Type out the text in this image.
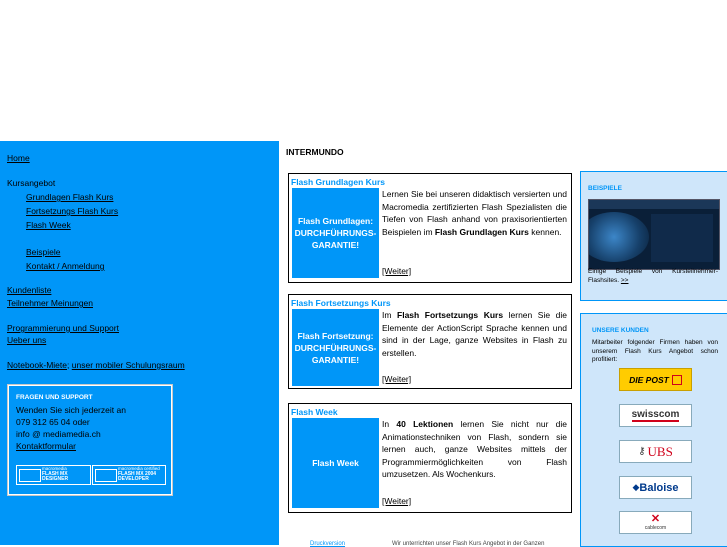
Home
Kursangebot
Grundlagen Flash Kurs
Fortsetzungs Flash Kurs
Flash Week
Beispiele
Kontakt / Anmeldung
Kundenliste
Teilnehmer Meinungen
Programmierung und Support
Ueber uns
Notebook-Miete; unser mobiler Schulungsraum
FRAGEN UND SUPPORT
Wenden Sie sich jederzeit an
079 312 65 04 oder
info @ mediamedia.ch
Kontaktformular
macromedia
FLASH MX
DESIGNER
macromedia certified
FLASH MX 2004
DEVELOPER
INTERMUNDO
Flash Grundlagen Kurs
Flash Grundlagen: DURCHFÜHRUNGS-GARANTIE!
Lernen Sie bei unseren didaktisch versierten und Macromedia zertifizierten Flash Spezialisten die Tiefen von Flash anhand von praxisorientierten Beispielen im Flash Grundlagen Kurs kennen.
[Weiter]
Flash Fortsetzungs Kurs
Flash Fortsetzung: DURCHFÜHRUNGS-GARANTIE!
Im Flash Fortsetzungs Kurs lernen Sie die Elemente der ActionScript Sprache kennen und sind in der Lage, ganze Websites in Flash zu erstellen.
[Weiter]
Flash Week
Flash Week
In 40 Lektionen lernen Sie nicht nur die Animationstechniken von Flash, sondern sie lernen auch, ganze Websites mittels der Programmiermöglichkeiten von Flash umzusetzen. Als Wochenkurs.
[Weiter]
Druckversion	Wir unterrichten unser Flash Kurs Angebot in der Ganzen
BEISPIELE
Einige Beispiele von Kursteilnehmer-Flashsites. >>
UNSERE KUNDEN
Mitarbeiter folgender Firmen haben von unserem Flash Kurs Angebot schon profitiert:
DIE POST
swisscom
⚷ UBS
◆ Baloise
✕
cablecom
